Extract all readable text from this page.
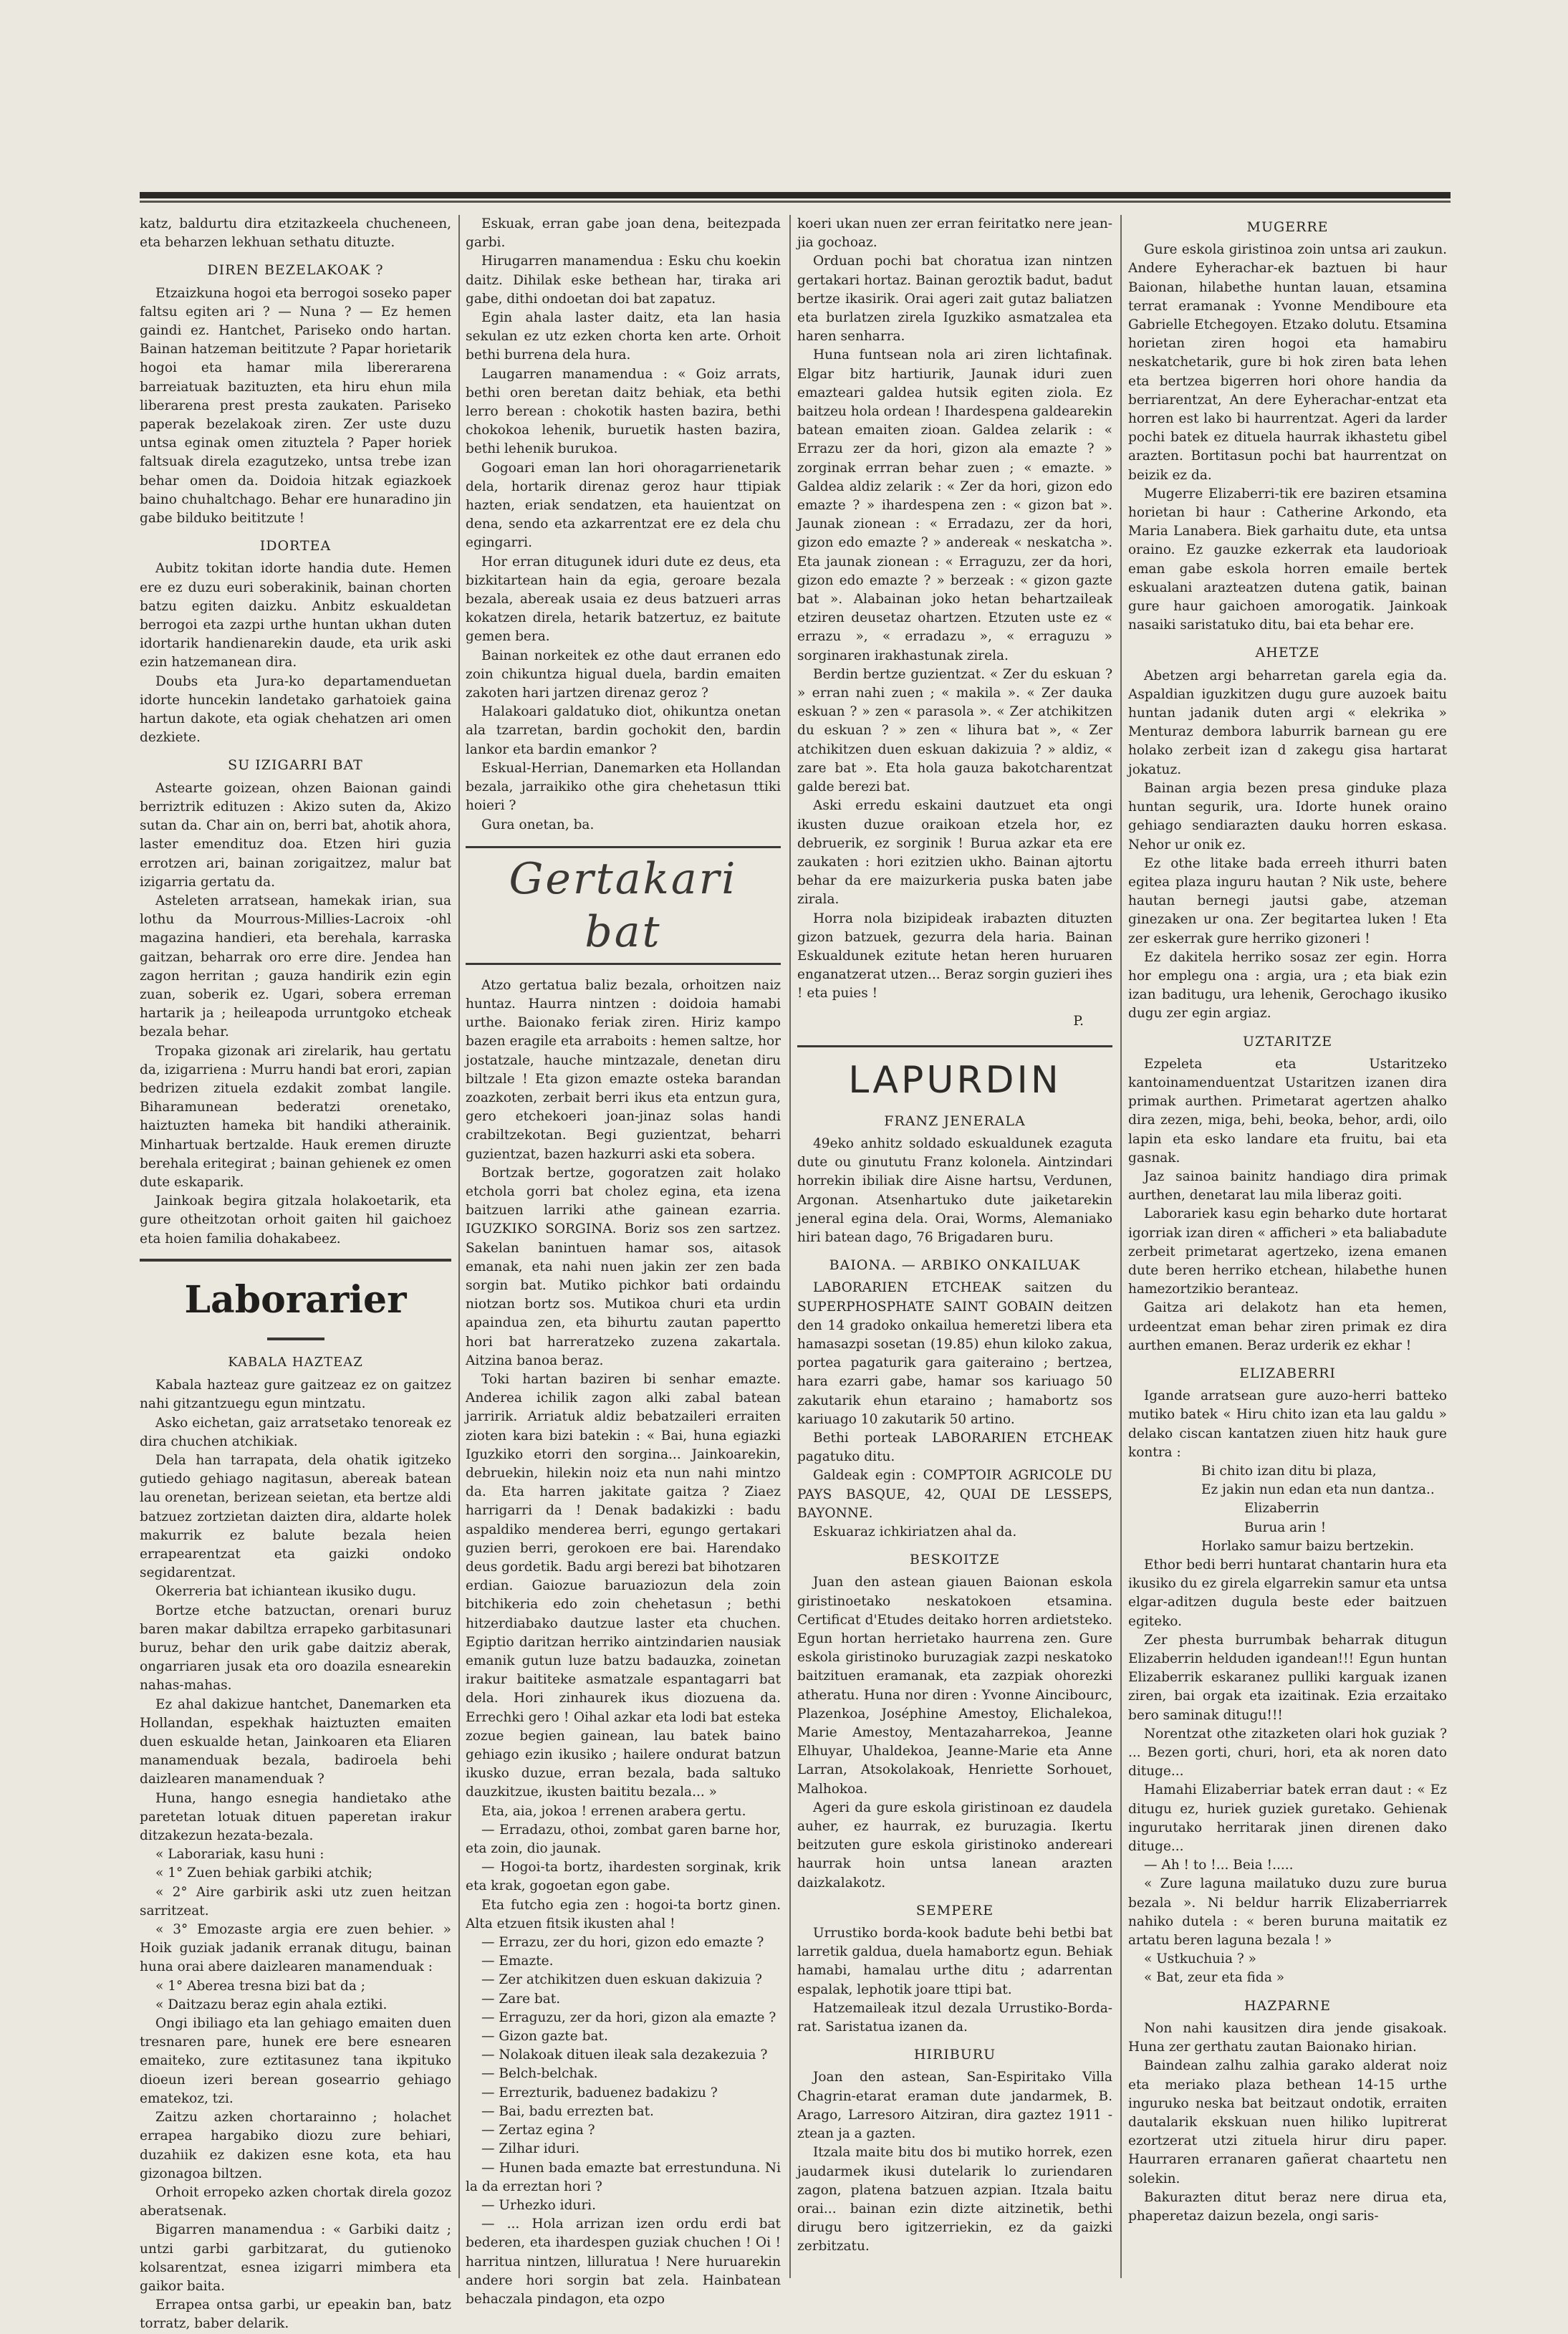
katz, baldurtu dira etzitazkeela chucheneen, eta beharzen lekhuan sethatu dituzte.

DIREN BEZELAKOAK ?

Etzaizkuna hogoi eta berrogoi soseko paper faltsu egiten ari ? — Nuna ? — Ez hemen gaindi ez. Hantchet, Pariseko ondo hartan. Bainan hatzeman beititzute ? Papar horietarik hogoi eta hamar mila libererarena barreiatuak bazituzten, eta hiru ehun mila liberarena prest presta zaukaten. Pariseko paperak bezelakoak ziren. Zer uste duzu untsa eginak omen zituztela ? Paper horiek faltsuak direla ezagutzeko, untsa trebe izan behar omen da. Doidoia hitzak egiazkoek baino chuhaltchago. Behar ere hunaradino jin gabe bilduko beititzute !

IDORTEA

Aubitz tokitan idorte handia dute. Hemen ere ez duzu euri soberakinik, bainan chorten batzu egiten daizku. Anbitz eskualdetan berrogoi eta zazpi urthe huntan ukhan duten idortarik handienarekin daude, eta urik aski ezin hatzemanean dira.

Doubs eta Jura-ko departamenduetan idorte huncekin landetako garhatoiek gaina hartun dakote, eta ogiak chehatzen ari omen dezkiete.

SU IZIGARRI BAT

Astearte goizean, ohzen Baionan gaindi berriztrik edituzen : Akizo suten da, Akizo sutan da. Char ain on, berri bat, ahotik ahora, laster emendituz doa. Etzen hiri guzia errotzen ari, bainan zorigaitzez, malur bat izigarria gertatu da.

Asteleten arratsean, hamekak irian, sua lothu da Mourrous-Millies-Lacroix -ohl magazina handieri, eta berehala, karraska gaitzan, beharrak oro erre dire. Jendea han zagon herritan ; gauza handirik ezin egin zuan, soberik ez. Ugari, sobera erreman hartarik ja ; heileapoda urruntgoko etcheak bezala behar.

Tropaka gizonak ari zirelarik, hau gertatu da, izigarriena : Murru handi bat erori, zapian bedrizen zituela ezdakit zombat langile. Biharamunean bederatzi orenetako, haiztuzten hameka bit handiki atherainik. Minhartuak bertzalde. Hauk eremen diruzte berehala eritegirat ; bainan gehienek ez omen dute eskaparik.

Jainkoak begira gitzala holakoetarik, eta gure otheitzotan orhoit gaiten hil gaichoez eta hoien familia dohakabeez.

Laborarier
KABALA HAZTEAZ

Kabala hazteaz gure gaitzeaz ez on gaitzez nahi gitzantzuegu egun mintzatu.

Asko eichetan, gaiz arratsetako tenoreak ez dira chuchen atchikiak.

Dela han tarrapata, dela ohatik igitzeko gutiedo gehiago nagitasun, abereak batean lau orenetan, berizean seietan, eta bertze aldi batzuez zortzietan daizten dira, aldarte holek makurrik ez balute bezala heien errapearentzat eta gaizki ondoko segidarentzat.

Okerreria bat ichiantean ikusiko dugu.

Bortze etche batzuctan, orenari buruz baren makar dabiltza errapeko garbitasunari buruz, behar den urik gabe daitziz aberak, ongarriaren jusak eta oro doazila esnearekin nahas-mahas.

Ez ahal dakizue hantchet, Danemarken eta Hollandan, espekhak haiztuzten emaiten duen eskualde hetan, Jainkoaren eta Eliaren manamenduak bezala, badiroela behi daizlearen manamenduak ?

Huna, hango esnegia handietako athe paretetan lotuak dituen paperetan irakur ditzakezun hezata-bezala.

« Laborariak, kasu huni :

« 1° Zuen behiak garbiki atchik;

« 2° Aire garbirik aski utz zuen heitzan sarritzeat.

« 3° Emozaste argia ere zuen behier. » Hoik guziak jadanik erranak ditugu, bainan huna orai abere daizlearen manamenduak :

« 1° Aberea tresna bizi bat da ;

« Daitzazu beraz egin ahala eztiki.

Ongi ibiliago eta lan gehiago emaiten duen tresnaren pare, hunek ere bere esnearen emaiteko, zure eztitasunez tana ikpituko dioeun izeri berean gosearrio gehiago ematekoz, tzi.

Zaitzu azken chortarainno ; holachet errapea hargabiko diozu zure behiari, duzahiik ez dakizen esne kota, eta hau gizonagoa biltzen.

Orhoit erropeko azken chortak direla gozoz aberatsenak.

Bigarren manamendua : « Garbiki daitz ; untzi garbi garbitzarat, du gutienoko kolsarentzat, esnea izigarri mimbera eta gaikor baita.

Errapea ontsa garbi, ur epeakin ban, batz torratz, baber delarik.

Eskuak, erran gabe joan dena, beitezpada garbi.

Hirugarren manamendua : Esku chu koekin daitz. Dihilak eske bethean har, tiraka ari gabe, dithi ondoetan doi bat zapatuz.

Egin ahala laster daitz, eta lan hasia sekulan ez utz ezken chorta ken arte. Orhoit bethi burrena dela hura.

Laugarren manamendua : « Goiz arrats, bethi oren beretan daitz behiak, eta bethi lerro berean : chokotik hasten bazira, bethi chokokoa lehenik, buruetik hasten bazira, bethi lehenik burukoa.

Gogoari eman lan hori ohoragarrienetarik dela, hortarik direnaz geroz haur ttipiak hazten, eriak sendatzen, eta hauientzat on dena, sendo eta azkarrentzat ere ez dela chu egingarri.

Hor erran ditugunek iduri dute ez deus, eta bizkitartean hain da egia, geroare bezala bezala, abereak usaia ez deus batzueri arras kokatzen direla, hetarik batzertuz, ez baitute gemen bera.

Bainan norkeitek ez othe daut erranen edo zoin chikuntza higual duela, bardin emaiten zakoten hari jartzen direnaz geroz ?

Halakoari galdatuko diot, ohikuntza onetan ala tzarretan, bardin gochokit den, bardin lankor eta bardin emankor ?

Eskual-Herrian, Danemarken eta Hollandan bezala, jarraikiko othe gira chehetasun ttiki hoieri ?

Gura onetan, ba.

Gertakari bat

Atzo gertatua baliz bezala, orhoitzen naiz huntaz. Haurra nintzen : doidoia hamabi urthe. Baionako feriak ziren. Hiriz kampo bazen eragile eta arraboits : hemen saltze, hor jostatzale, hauche mintzazale, denetan diru biltzale ! Eta gizon emazte osteka barandan zoazkoten, zerbait berri ikus eta entzun gura, gero etchekoeri joan-jinaz solas handi crabiltzekotan. Begi guzientzat, beharri guzientzat, bazen hazkurri aski eta sobera.

Bortzak bertze, gogoratzen zait holako etchola gorri bat cholez egina, eta izena baitzuen larriki athe gainean ezarria. IGUZKIKO SORGINA. Boriz sos zen sartzez. Sakelan banintuen hamar sos, aitasok emanak, eta nahi nuen jakin zer zen bada sorgin bat. Mutiko pichkor bati ordaindu niotzan bortz sos. Mutikoa churi eta urdin apaindua zen, eta bihurtu zautan papertto hori bat harreratzeko zuzena zakartala. Aitzina banoa beraz.

Toki hartan baziren bi senhar emazte. Anderea ichilik zagon alki zabal batean jarririk. Arriatuk aldiz bebatzaileri erraiten zioten kara bizi batekin : « Bai, huna egiazki Iguzkiko etorri den sorgina... Jainkoarekin, debruekin, hilekin noiz eta nun nahi mintzo da. Eta harren jakitate gaitza ? Ziaez harrigarri da ! Denak badakizki : badu aspaldiko menderea berri, egungo gertakari guzien berri, gerokoen ere bai. Harendako deus gordetik. Badu argi berezi bat bihotzaren erdian. Gaiozue baruaziozun dela zoin bitchikeria edo zoin chehetasun ; bethi hitzerdiabako dautzue laster eta chuchen. Egiptio daritzan herriko aintzindarien nausiak emanik gutun luze batzu badauzka, zoinetan irakur baititeke asmatzale espantagarri bat dela. Hori zinhaurek ikus diozuena da. Errechki gero ! Oihal azkar eta lodi bat esteka zozue begien gainean, lau batek baino gehiago ezin ikusiko ; hailere ondurat batzun ikusko duzue, erran bezala, bada saltuko dauzkitzue, ikusten baititu bezala... »

Eta, aia, jokoa ! errenen arabera gertu.

— Erradazu, othoi, zombat garen barne hor, eta zoin, dio jaunak.

— Hogoi-ta bortz, ihardesten sorginak, krik eta krak, gogoetan egon gabe.

Eta futcho egia zen : hogoi-ta bortz ginen. Alta etzuen fitsik ikusten ahal !

— Errazu, zer du hori, gizon edo emazte ?

— Emazte.

— Zer atchikitzen duen eskuan dakizuia ?

— Zare bat.

— Erraguzu, zer da hori, gizon ala emazte ?

— Gizon gazte bat.

— Nolakoak dituen ileak sala dezakezuia ?

— Belch-belchak.

— Errezturik, baduenez badakizu ?

— Bai, badu errezten bat.

— Zertaz egina ?

— Zilhar iduri.

— Hunen bada emazte bat errestunduna. Ni la da erreztan hori ?

— Urhezko iduri.

— ... Hola arrizan izen ordu erdi bat bederen, eta ihardespen guziak chuchen ! Oi ! harritua nintzen, lilluratua ! Nere huruarekin andere hori sorgin bat zela. Hainbatean behaczala pindagon, eta ozpo

koeri ukan nuen zer erran feiritatko nere jean-jia gochoaz.

Orduan pochi bat choratua izan nintzen gertakari hortaz. Bainan geroztik badut, badut bertze ikasirik. Orai ageri zait gutaz baliatzen eta burlatzen zirela Iguzkiko asmatzalea eta haren senharra.

Huna funtsean nola ari ziren lichtafinak. Elgar bitz hartiurik, Jaunak iduri zuen emazteari galdea hutsik egiten ziola. Ez baitzeu hola ordean ! Ihardespena galdearekin batean emaiten zioan. Galdea zelarik : « Errazu zer da hori, gizon ala emazte ? » zorginak errran behar zuen ; « emazte. » Galdea aldiz zelarik : « Zer da hori, gizon edo emazte ? » ihardespena zen : « gizon bat ». Jaunak zionean : « Erradazu, zer da hori, gizon edo emazte ? » andereak « neskatcha ». Eta jaunak zionean : « Erraguzu, zer da hori, gizon edo emazte ? » berzeak : « gizon gazte bat ». Alabainan joko hetan behartzaileak etziren deusetaz ohartzen. Etzuten uste ez « errazu », « erradazu », « erraguzu » sorginaren irakhastunak zirela.

Berdin bertze guzientzat. « Zer du eskuan ? » erran nahi zuen ; « makila ». « Zer dauka eskuan ? » zen « parasola ». « Zer atchikitzen du eskuan ? » zen « lihura bat », « Zer atchikitzen duen eskuan dakizuia ? » aldiz, « zare bat ». Eta hola gauza bakotcharentzat galde berezi bat.

Aski erredu eskaini dautzuet eta ongi ikusten duzue oraikoan etzela hor, ez debruerik, ez sorginik ! Burua azkar eta ere zaukaten : hori ezitzien ukho. Bainan ajtortu behar da ere maizurkeria puska baten jabe zirala.

Horra nola bizipideak irabazten dituzten gizon batzuek, gezurra dela haria. Bainan Eskualdunek ezitute hetan heren huruaren enganatzerat utzen... Beraz sorgin guzieri ihes ! eta puies !

P.
LAPURDIN
FRANZ JENERALA

49eko anhitz soldado eskualdunek ezaguta dute ou ginututu Franz kolonela. Aintzindari horrekin ibiliak dire Aisne hartsu, Verdunen, Argonan. Atsenhartuko dute jaiketarekin jeneral egina dela. Orai, Worms, Alemaniako hiri batean dago, 76 Brigadaren buru.

BAIONA. — ARBIKO ONKAILUAK

LABORARIEN ETCHEAK saitzen du SUPERPHOSPHATE SAINT GOBAIN deitzen den 14 gradoko onkailua hemeretzi libera eta hamasazpi sosetan (19.85) ehun kiloko zakua, portea pagaturik gara gaiteraino ; bertzea, hara ezarri gabe, hamar sos kariuago 50 zakutarik ehun etaraino ; hamabortz sos kariuago 10 zakutarik 50 artino.

Bethi porteak LABORARIEN ETCHEAK pagatuko ditu.

Galdeak egin : COMPTOIR AGRICOLE DU PAYS BASQUE, 42, QUAI DE LESSEPS, BAYONNE.

Eskuaraz ichkiriatzen ahal da.

BESKOITZE

Juan den astean giauen Baionan eskola giristinoetako neskatokoen etsamina. Certificat d'Etudes deitako horren ardietsteko. Egun hortan herrietako haurrena zen. Gure eskola giristinoko buruzagiak zazpi neskatoko baitzituen eramanak, eta zazpiak ohorezki atheratu. Huna nor diren : Yvonne Aincibourc, Plazenkoa, Joséphine Amestoy, Elichalekoa, Marie Amestoy, Mentazaharrekoa, Jeanne Elhuyar, Uhaldekoa, Jeanne-Marie eta Anne Larran, Atsokolakoak, Henriette Sorhouet, Malhokoa.

Ageri da gure eskola giristinoan ez daudela auher, ez haurrak, ez buruzagia. Ikertu beitzuten gure eskola giristinoko andereari haurrak hoin untsa lanean arazten daizkalakotz.

SEMPERE

Urrustiko borda-kook badute behi betbi bat larretik galdua, duela hamabortz egun. Behiak hamabi, hamalau urthe ditu ; adarrentan espalak, lephotik joare ttipi bat.

Hatzemaileak itzul dezala Urrustiko-Borda-rat. Saristatua izanen da.

HIRIBURU

Joan den astean, San-Espiritako Villa Chagrin-etarat eraman dute jandarmek, B. Arago, Larresoro Aitziran, dira gaztez 1911 -ztean ja a gazten.

Itzala maite bitu dos bi mutiko horrek, ezen jaudarmek ikusi dutelarik lo zuriendaren zagon, platena batzuen azpian. Itzala baitu orai... bainan ezin dizte aitzinetik, bethi dirugu bero igitzerriekin, ez da gaizki zerbitzatu.

MUGERRE

Gure eskola giristinoa zoin untsa ari zaukun. Andere Eyherachar-ek baztuen bi haur Baionan, hilabethe huntan lauan, etsamina terrat eramanak : Yvonne Mendiboure eta Gabrielle Etchegoyen. Etzako dolutu. Etsamina horietan ziren hogoi eta hamabiru neskatchetarik, gure bi hok ziren bata lehen eta bertzea bigerren hori ohore handia da berriarentzat, An dere Eyherachar-entzat eta horren est lako bi haurrentzat. Ageri da larder pochi batek ez dituela haurrak ikhastetu gibel arazten. Bortitasun pochi bat haurrentzat on beizik ez da.

Mugerre Elizaberri-tik ere baziren etsamina horietan bi haur : Catherine Arkondo, eta Maria Lanabera. Biek garhaitu dute, eta untsa oraino. Ez gauzke ezkerrak eta laudorioak eman gabe eskola horren emaile bertek eskualani arazteatzen dutena gatik, bainan gure haur gaichoen amorogatik. Jainkoak nasaiki saristatuko ditu, bai eta behar ere.

AHETZE

Abetzen argi beharretan garela egia da. Aspaldian iguzkitzen dugu gure auzoek baitu huntan jadanik duten argi « elekrika » Menturaz dembora laburrik barnean gu ere holako zerbeit izan d zakegu gisa hartarat jokatuz.

Bainan argia bezen presa ginduke plaza huntan segurik, ura. Idorte hunek oraino gehiago sendiarazten dauku horren eskasa. Nehor ur onik ez.

Ez othe litake bada erreeh ithurri baten egitea plaza inguru hautan ? Nik uste, behere hautan bernegi jautsi gabe, atzeman ginezaken ur ona. Zer begitartea luken ! Eta zer eskerrak gure herriko gizoneri !

Ez dakitela herriko sosaz zer egin. Horra hor emplegu ona : argia, ura ; eta biak ezin izan baditugu, ura lehenik, Gerochago ikusiko dugu zer egin argiaz.

UZTARITZE

Ezpeleta eta Ustaritzeko kantoinamenduentzat Ustaritzen izanen dira primak aurthen. Primetarat agertzen ahalko dira zezen, miga, behi, beoka, behor, ardi, oilo lapin eta esko landare eta fruitu, bai eta gasnak.

Jaz sainoa bainitz handiago dira primak aurthen, denetarat lau mila liberaz goiti.

Laborariek kasu egin beharko dute hortarat igorriak izan diren « afficheri » eta baliabadute zerbeit primetarat agertzeko, izena emanen dute beren herriko etchean, hilabethe hunen hamezortzikio beranteaz.

Gaitza ari delakotz han eta hemen, urdeentzat eman behar ziren primak ez dira aurthen emanen. Beraz urderik ez ekhar !

ELIZABERRI

Igande arratsean gure auzo-herri batteko mutiko batek « Hiru chito izan eta lau galdu » delako ciscan kantatzen ziuen hitz hauk gure kontra :

Bi chito izan ditu bi plaza,

Ez jakin nun edan eta nun dantza..

Elizaberrin

Burua arin !

Horlako samur baizu bertzekin.

Ethor bedi berri huntarat chantarin hura eta ikusiko du ez girela elgarrekin samur eta untsa elgar-aditzen dugula beste eder baitzuen egiteko.

Zer phesta burrumbak beharrak ditugun Elizaberrin helduden igandean!!! Egun huntan Elizaberrik eskaranez pulliki karguak izanen ziren, bai orgak eta izaitinak. Ezia erzaitako bero saminak ditugu!!!

Norentzat othe zitazketen olari hok guziak ? ... Bezen gorti, churi, hori, eta ak noren dato dituge...

Hamahi Elizaberriar batek erran daut : « Ez ditugu ez, huriek guziek guretako. Gehienak ingurutako herritarak jinen direnen dako dituge...

— Ah ! to !... Beia !.....

« Zure laguna mailatuko duzu zure burua bezala ». Ni beldur harrik Elizaberriarrek nahiko dutela : « beren buruna maitatik ez artatu beren laguna bezala ! »

« Ustkuchuia ? »

« Bat, zeur eta fida »

HAZPARNE

Non nahi kausitzen dira jende gisakoak. Huna zer gerthatu zautan Baionako hirian.

Baindean zalhu zalhia garako alderat noiz eta meriako plaza bethean 14-15 urthe inguruko neska bat beitzaut ondotik, erraiten dautalarik ekskuan nuen hiliko lupitrerat ezortzerat utzi zituela hirur diru paper. Haurraren erranaren gañerat chaartetu nen solekin.

Bakurazten ditut beraz nere dirua eta, phaperetaz daizun bezela, ongi saris-
